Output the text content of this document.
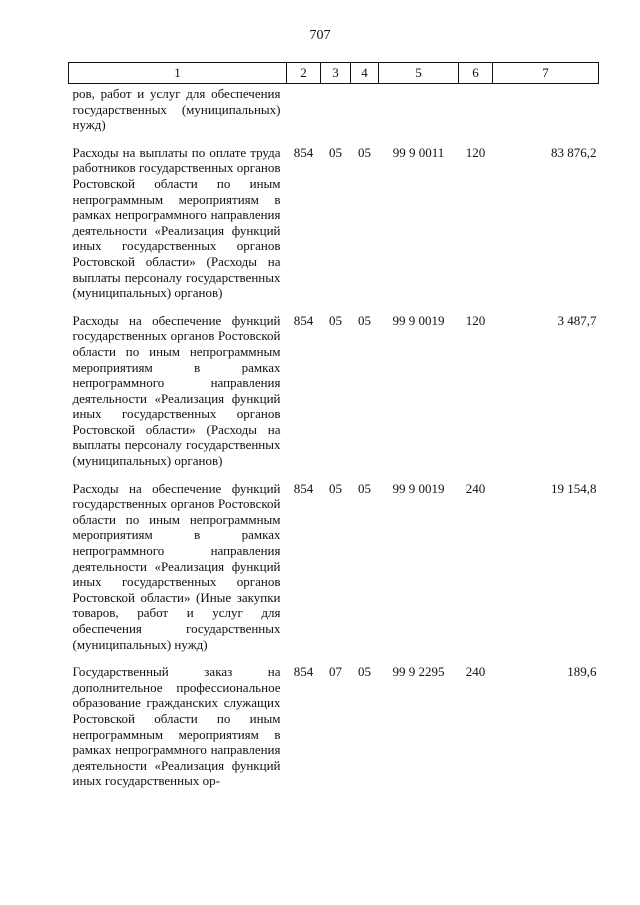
707
1	2	3	4	5	6	7
ров, работ и услуг для обеспечения государственных (муниципальных) нужд)						
Расходы на выплаты по оплате труда работников государственных органов Ростовской области по иным непрограммным мероприятиям в рамках непрограммного направления деятельности «Реализация функций иных государственных органов Ростовской области» (Расходы на выплаты персоналу государственных (муниципальных) органов)	854	05	05	99 9 0011	120	83 876,2
Расходы на обеспечение функций государственных органов Ростовской области по иным непрограммным мероприятиям в рамках непрограммного направления деятельности «Реализация функций иных государственных органов Ростовской области» (Расходы на выплаты персоналу государственных (муниципальных) органов)	854	05	05	99 9 0019	120	3 487,7
Расходы на обеспечение функций государственных органов Ростовской области по иным непрограммным мероприятиям в рамках непрограммного направления деятельности «Реализация функций иных государственных органов Ростовской области» (Иные закупки товаров, работ и услуг для обеспечения государственных (муниципальных) нужд)	854	05	05	99 9 0019	240	19 154,8
Государственный заказ на дополнительное профессиональное образование гражданских служащих Ростовской области по иным непрограммным мероприятиям в рамках непрограммного направления деятельности «Реализация функций иных государственных ор-	854	07	05	99 9 2295	240	189,6
